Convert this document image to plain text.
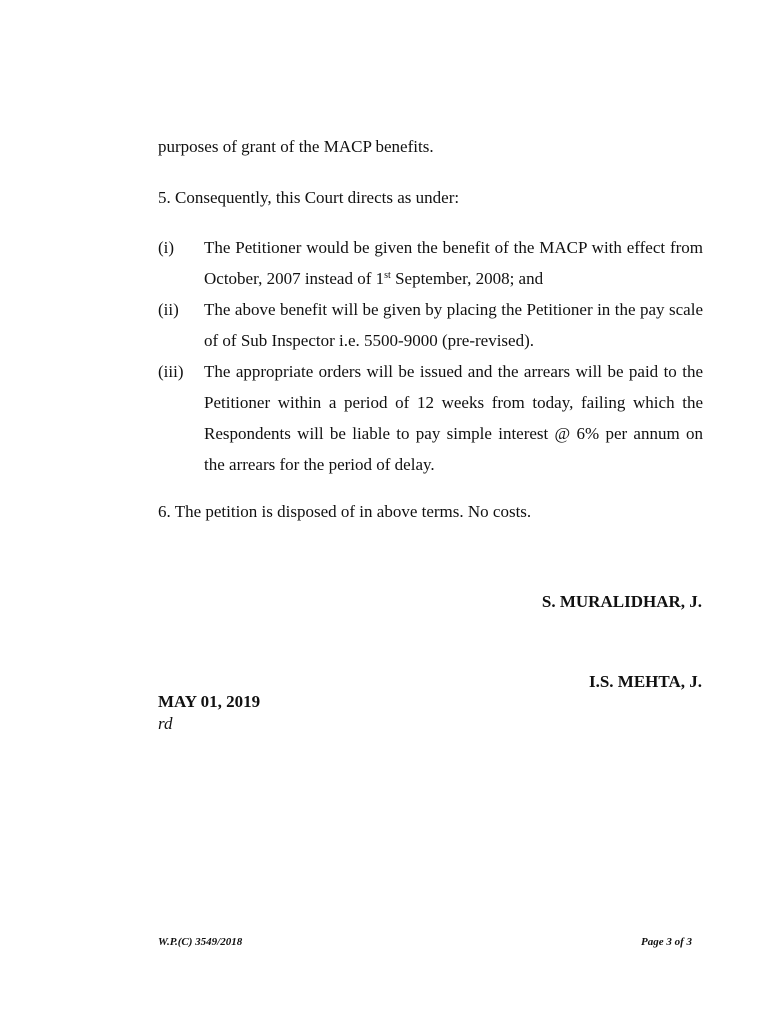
purposes of grant of the MACP benefits.

5. Consequently, this Court directs as under:

(i)	The Petitioner would be given the benefit of the MACP with effect from October, 2007 instead of 1st September, 2008; and
(ii)	The above benefit will be given by placing the Petitioner in the pay scale of of Sub Inspector i.e. 5500-9000 (pre-revised).
(iii)	The appropriate orders will be issued and the arrears will be paid to the Petitioner within a period of 12 weeks from today, failing which the Respondents will be liable to pay simple interest @ 6% per annum on the arrears for the period of delay.

6. The petition is disposed of in above terms. No costs.

S. MURALIDHAR, J.

I.S. MEHTA, J.

MAY 01, 2019

rd

W.P.(C) 3549/2018	Page 3 of 3
